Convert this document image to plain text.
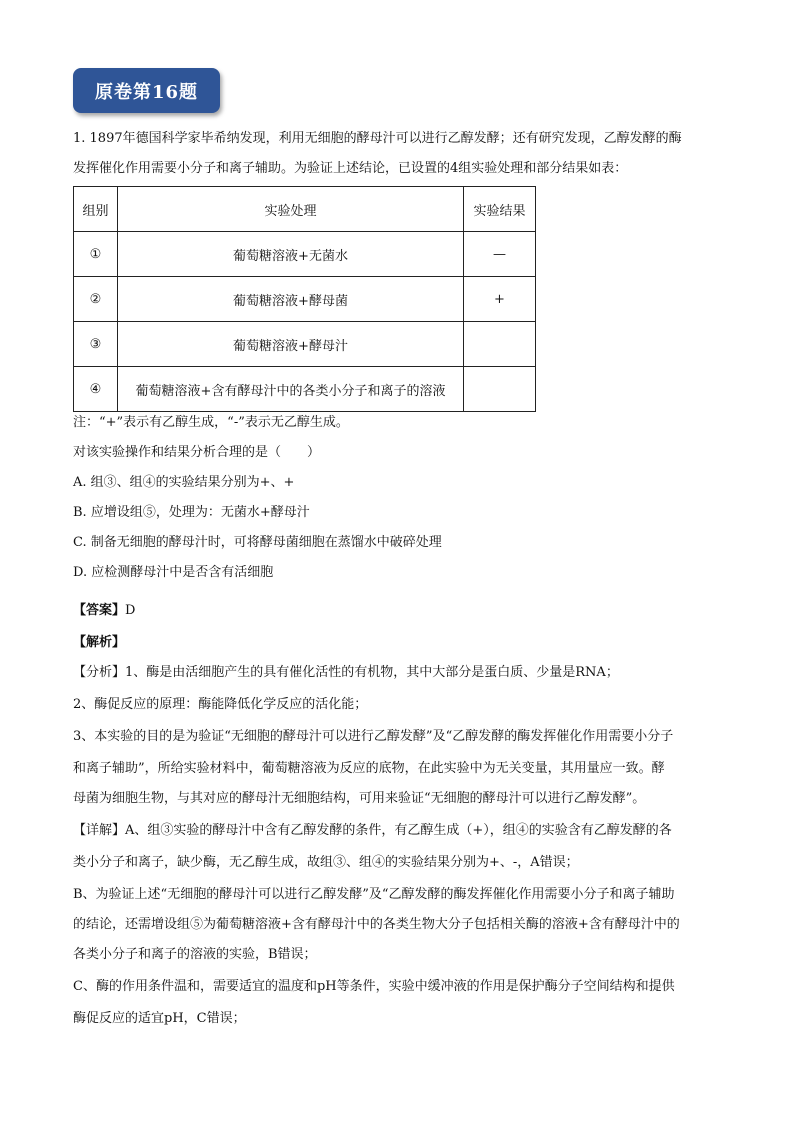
原卷第16题
1. 1897年德国科学家毕希纳发现，利用无细胞的酵母汁可以进行乙醇发酵；还有研究发现，乙醇发酵的酶
发挥催化作用需要小分子和离子辅助。为验证上述结论，已设置的4组实验处理和部分结果如表：
组别	实验处理	实验结果
①	葡萄糖溶液+无菌水	—
②	葡萄糖溶液+酵母菌	+
③	葡萄糖溶液+酵母汁	
④	葡萄糖溶液+含有酵母汁中的各类小分子和离子的溶液	
注：“+”表示有乙醇生成，“-”表示无乙醇生成。
对该实验操作和结果分析合理的是（　　）
A. 组③、组④的实验结果分别为+、+
B. 应增设组⑤，处理为：无菌水+酵母汁
C. 制备无细胞的酵母汁时，可将酵母菌细胞在蒸馏水中破碎处理
D. 应检测酵母汁中是否含有活细胞
【答案】D
【解析】
【分析】1、酶是由活细胞产生的具有催化活性的有机物，其中大部分是蛋白质、少量是RNA；
2、酶促反应的原理：酶能降低化学反应的活化能；
3、本实验的目的是为验证“无细胞的酵母汁可以进行乙醇发酵”及“乙醇发酵的酶发挥催化作用需要小分子
和离子辅助”，所给实验材料中，葡萄糖溶液为反应的底物，在此实验中为无关变量，其用量应一致。酵
母菌为细胞生物，与其对应的酵母汁无细胞结构，可用来验证“无细胞的酵母汁可以进行乙醇发酵”。
【详解】A、组③实验的酵母汁中含有乙醇发酵的条件，有乙醇生成（+），组④的实验含有乙醇发酵的各
类小分子和离子，缺少酶，无乙醇生成，故组③、组④的实验结果分别为+、-，A错误；
B、为验证上述“无细胞的酵母汁可以进行乙醇发酵”及“乙醇发酵的酶发挥催化作用需要小分子和离子辅助
的结论，还需增设组⑤为葡萄糖溶液+含有酵母汁中的各类生物大分子包括相关酶的溶液+含有酵母汁中的
各类小分子和离子的溶液的实验，B错误；
C、酶的作用条件温和，需要适宜的温度和pH等条件，实验中缓冲液的作用是保护酶分子空间结构和提供
酶促反应的适宜pH，C错误；
